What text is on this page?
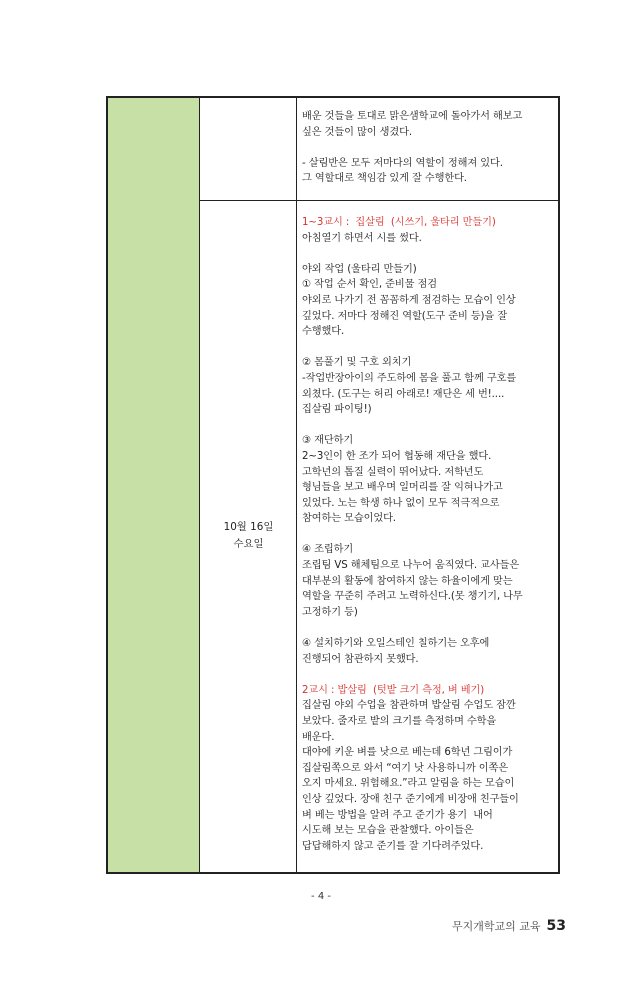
배운 것들을 토대로 맑은샘학교에 돌아가서 해보고
싶은 것들이 많이 생겼다.

- 살림반은 모두 저마다의 역할이 정해져 있다.
그 역할대로 책임감 있게 잘 수행한다.
10월 16일
수요일
1~3교시 :  집살림  (시쓰기, 울타리 만들기)
아침열기 하면서 시를 썼다.

야외 작업 (울타리 만들기)
① 작업 순서 확인, 준비물 점검
야외로 나가기 전 꼼꼼하게 점검하는 모습이 인상
깊었다. 저마다 정해진 역할(도구 준비 등)을 잘
수행했다.

② 몸풀기 및 구호 외치기
-작업반장아이의 주도하에 몸을 풀고 함께 구호를
외쳤다. (도구는 허리 아래로! 재단은 세 번!....
집살림 파이팅!)

③ 재단하기
2~3인이 한 조가 되어 협동해 재단을 했다.
고학년의 톱질 실력이 뛰어났다. 저학년도
형님들을 보고 배우며 일머리를 잘 익혀나가고
있었다. 노는 학생 하나 없이 모두 적극적으로
참여하는 모습이었다.

④ 조립하기
조립팀 VS 해체팀으로 나누어 움직였다. 교사들은
대부분의 활동에 참여하지 않는 하율이에게 맞는
역할을 꾸준히 주려고 노력하신다.(못 챙기기, 나무
고정하기 등)

④ 설치하기와 오일스테인 칠하기는 오후에
진행되어 참관하지 못했다.

2교시 : 밥살림  (텃밭 크기 측정, 벼 베기)
집살림 야외 수업을 참관하며 밥살림 수업도 잠깐
보았다. 줄자로 밭의 크기를 측정하며 수학을
배운다.
대야에 키운 벼를 낫으로 베는데 6학년 그림이가
집살림쪽으로 와서 “여기 낫 사용하니까 이쪽은
오지 마세요. 위험해요.”라고 알림을 하는 모습이
인상 깊었다. 장애 친구 준기에게 비장애 친구들이
벼 베는 방법을 알려 주고 준기가 용기  내어
시도해 보는 모습을 관찰했다. 아이들은
답답해하지 않고 준기를 잘 기다려주었다.
- 4 -
무지개학교의 교육 53
